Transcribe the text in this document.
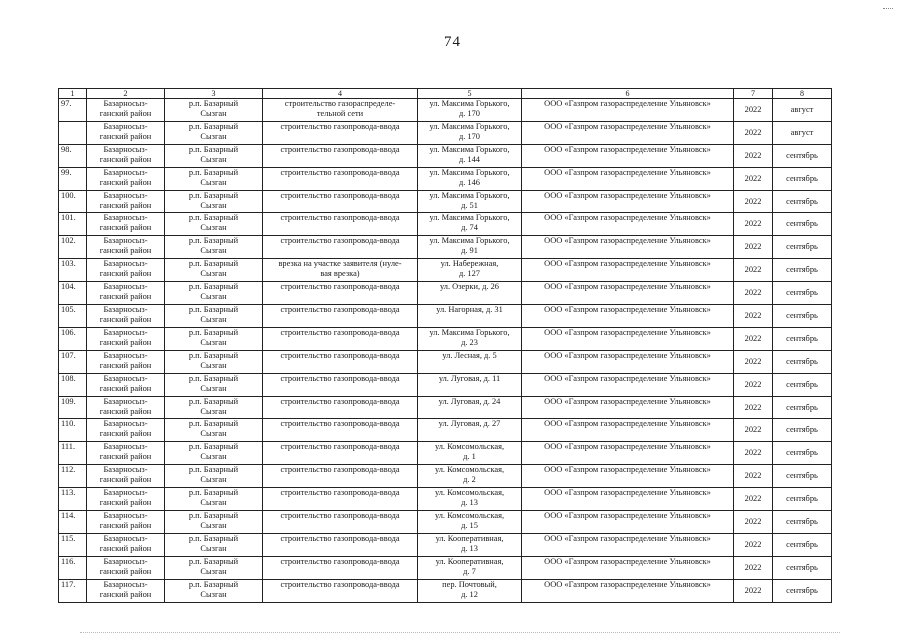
74
1	2	3	4	5	6	7	8
97.	Базарносыз-
ганский район	р.п. Базарный
Сызган	строительство газораспределе-
тельной сети	ул. Максима Горького,
д. 170	ООО «Газпром газораспределение Ульяновск»	2022	август

	Базарносыз-
ганский район	р.п. Базарный
Сызган	строительство газопровода-ввода	ул. Максима Горького,
д. 170	ООО «Газпром газораспределение Ульяновск»	2022	август
98.	Базарносыз-
ганский район	р.п. Базарный
Сызган	строительство газопровода-ввода	ул. Максима Горького,
д. 144	ООО «Газпром газораспределение Ульяновск»	2022	сентябрь
99.	Базарносыз-
ганский район	р.п. Базарный
Сызган	строительство газопровода-ввода	ул. Максима Горького,
д. 146	ООО «Газпром газораспределение Ульяновск»	2022	сентябрь
100.	Базарносыз-
ганский район	р.п. Базарный
Сызган	строительство газопровода-ввода	ул. Максима Горького,
д. 51	ООО «Газпром газораспределение Ульяновск»	2022	сентябрь
101.	Базарносыз-
ганский район	р.п. Базарный
Сызган	строительство газопровода-ввода	ул. Максима Горького,
д. 74	ООО «Газпром газораспределение Ульяновск»	2022	сентябрь
102.	Базарносыз-
ганский район	р.п. Базарный
Сызган	строительство газопровода-ввода	ул. Максима Горького,
д. 91	ООО «Газпром газораспределение Ульяновск»	2022	сентябрь
103.	Базарносыз-
ганский район	р.п. Базарный
Сызган	врезка на участке заявителя (нуле-
вая врезка)	ул. Набережная,
д. 127	ООО «Газпром газораспределение Ульяновск»	2022	сентябрь
104.	Базарносыз-
ганский район	р.п. Базарный
Сызган	строительство газопровода-ввода	ул. Озерки, д. 26	ООО «Газпром газораспределение Ульяновск»	2022	сентябрь
105.	Базарносыз-
ганский район	р.п. Базарный
Сызган	строительство газопровода-ввода	ул. Нагорная, д. 31	ООО «Газпром газораспределение Ульяновск»	2022	сентябрь
106.	Базарносыз-
ганский район	р.п. Базарный
Сызган	строительство газопровода-ввода	ул. Максима Горького,
д. 23	ООО «Газпром газораспределение Ульяновск»	2022	сентябрь
107.	Базарносыз-
ганский район	р.п. Базарный
Сызган	строительство газопровода-ввода	ул. Лесная, д. 5	ООО «Газпром газораспределение Ульяновск»	2022	сентябрь
108.	Базарносыз-
ганский район	р.п. Базарный
Сызган	строительство газопровода-ввода	ул. Луговая, д. 11	ООО «Газпром газораспределение Ульяновск»	2022	сентябрь
109.	Базарносыз-
ганский район	р.п. Базарный
Сызган	строительство газопровода-ввода	ул. Луговая, д. 24	ООО «Газпром газораспределение Ульяновск»	2022	сентябрь
110.	Базарносыз-
ганский район	р.п. Базарный
Сызган	строительство газопровода-ввода	ул. Луговая, д. 27	ООО «Газпром газораспределение Ульяновск»	2022	сентябрь
111.	Базарносыз-
ганский район	р.п. Базарный
Сызган	строительство газопровода-ввода	ул. Комсомольская,
д. 1	ООО «Газпром газораспределение Ульяновск»	2022	сентябрь
112.	Базарносыз-
ганский район	р.п. Базарный
Сызган	строительство газопровода-ввода	ул. Комсомольская,
д. 2	ООО «Газпром газораспределение Ульяновск»	2022	сентябрь
113.	Базарносыз-
ганский район	р.п. Базарный
Сызган	строительство газопровода-ввода	ул. Комсомольская,
д. 13	ООО «Газпром газораспределение Ульяновск»	2022	сентябрь
114.	Базарносыз-
ганский район	р.п. Базарный
Сызган	строительство газопровода-ввода	ул. Комсомольская,
д. 15	ООО «Газпром газораспределение Ульяновск»	2022	сентябрь
115.	Базарносыз-
ганский район	р.п. Базарный
Сызган	строительство газопровода-ввода	ул. Кооперативная,
д. 13	ООО «Газпром газораспределение Ульяновск»	2022	сентябрь
116.	Базарносыз-
ганский район	р.п. Базарный
Сызган	строительство газопровода-ввода	ул. Кооперативная,
д. 7	ООО «Газпром газораспределение Ульяновск»	2022	сентябрь
117.	Базарносыз-
ганский район	р.п. Базарный
Сызган	строительство газопровода-ввода	пер. Почтовый,
д. 12	ООО «Газпром газораспределение Ульяновск»	2022	сентябрь
